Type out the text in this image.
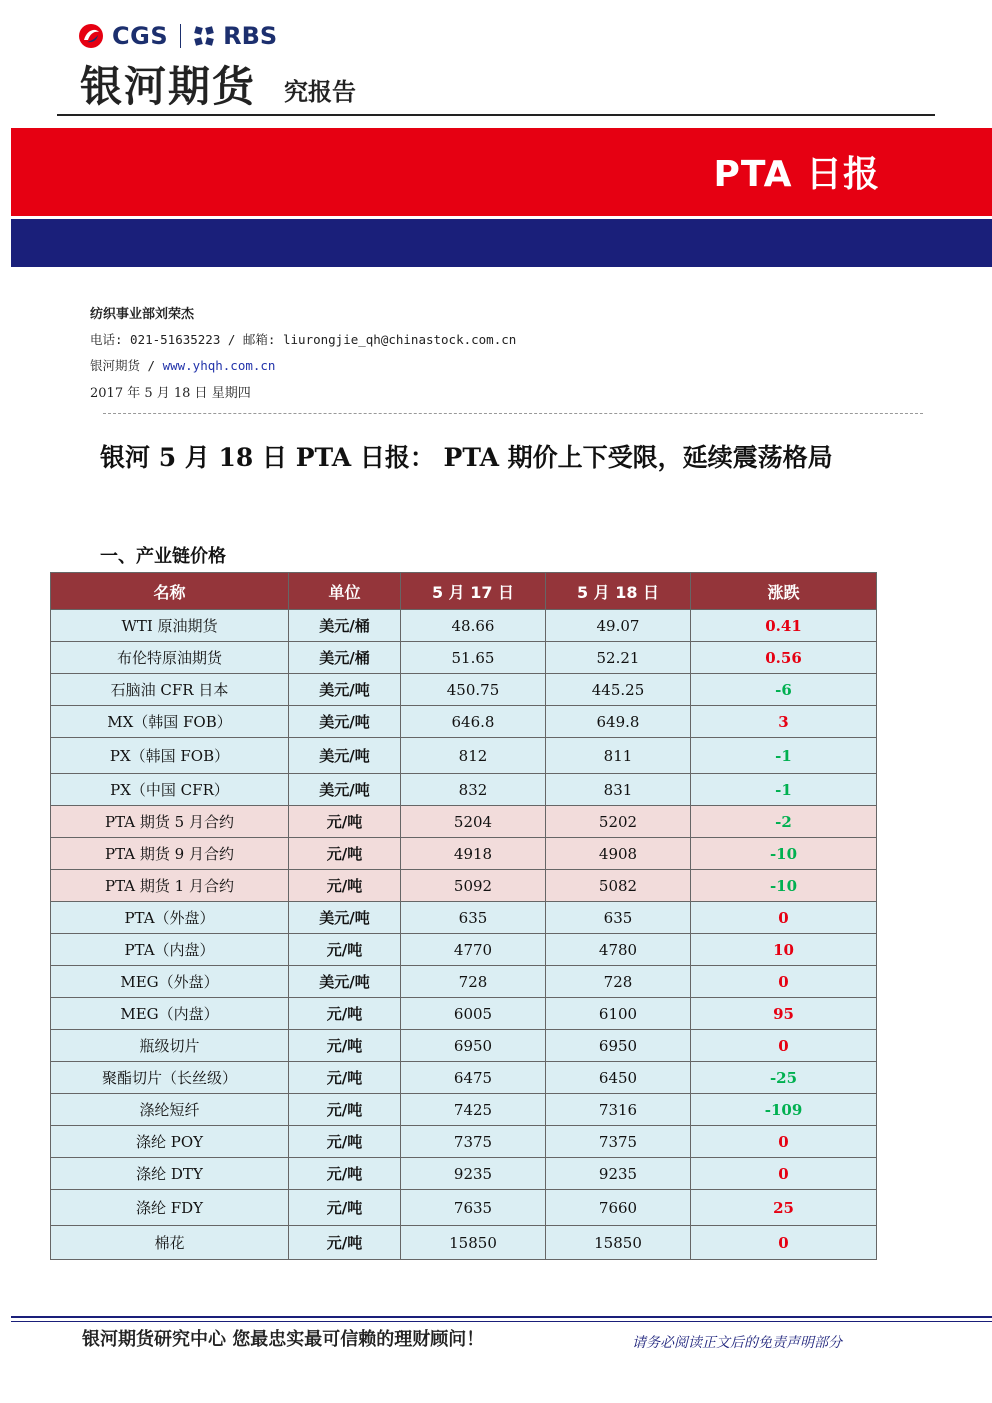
CGS RBS
银河期货 究报告
PTA 日报
纺织事业部刘荣杰
电话: 021-51635223 / 邮箱: liurongjie_qh@chinastock.com.cn
银河期货 / www.yhqh.com.cn
2017 年 5 月 18 日 星期四
银河 5 月 18 日 PTA 日报： PTA 期价上下受限，延续震荡格局
一、产业链价格
名称	单位	5 月 17 日	5 月 18 日	涨跌
WTI 原油期货	美元/桶	48.66	49.07	0.41
布伦特原油期货	美元/桶	51.65	52.21	0.56
石脑油 CFR 日本	美元/吨	450.75	445.25	-6
MX（韩国 FOB）	美元/吨	646.8	649.8	3
PX（韩国 FOB）	美元/吨	812	811	-1
PX（中国 CFR）	美元/吨	832	831	-1
PTA 期货 5 月合约	元/吨	5204	5202	-2
PTA 期货 9 月合约	元/吨	4918	4908	-10
PTA 期货 1 月合约	元/吨	5092	5082	-10
PTA（外盘）	美元/吨	635	635	0
PTA（内盘）	元/吨	4770	4780	10
MEG（外盘）	美元/吨	728	728	0
MEG（内盘）	元/吨	6005	6100	95
瓶级切片	元/吨	6950	6950	0
聚酯切片（长丝级）	元/吨	6475	6450	-25
涤纶短纤	元/吨	7425	7316	-109
涤纶 POY	元/吨	7375	7375	0
涤纶 DTY	元/吨	9235	9235	0
涤纶 FDY	元/吨	7635	7660	25
棉花	元/吨	15850	15850	0
银河期货研究中心 您最忠实最可信赖的理财顾问！	请务必阅读正文后的免责声明部分
